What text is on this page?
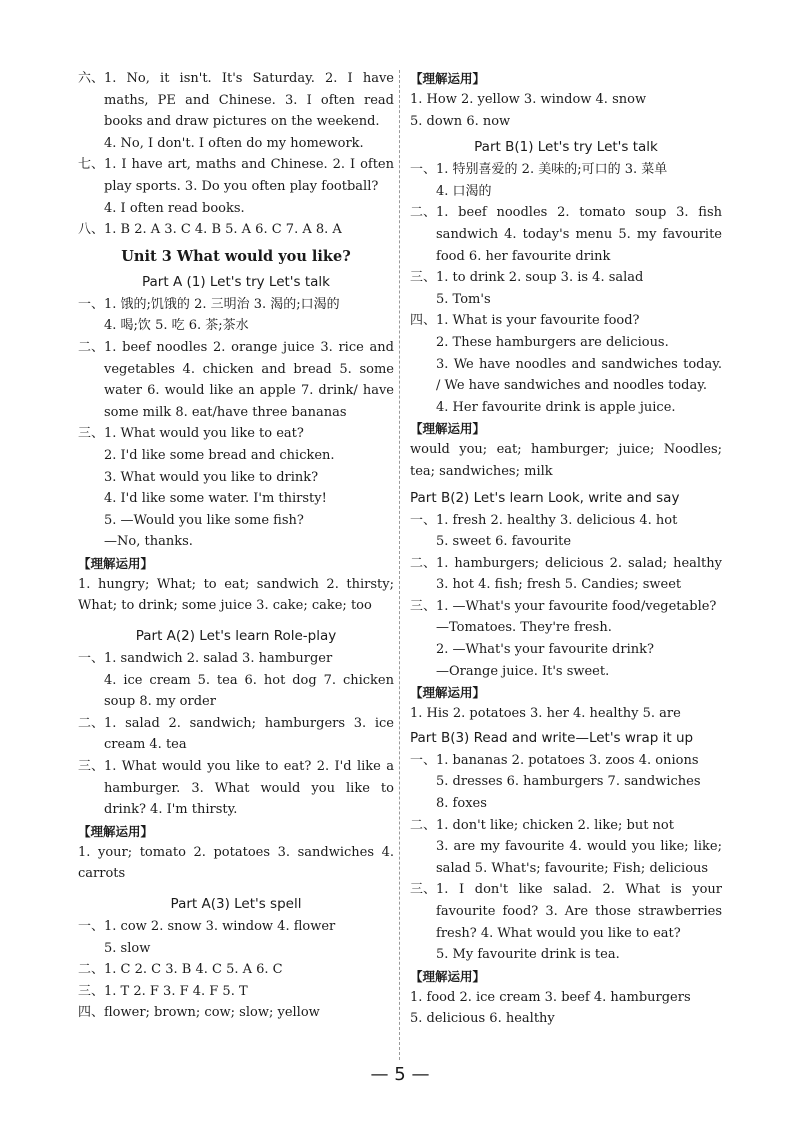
六、 1. No, it isn't. It's Saturday. 2. I have maths, PE and Chinese. 3. I often read books and draw pictures on the weekend.

4. No, I don't. I often do my homework.

七、 1. I have art, maths and Chinese. 2. I often play sports. 3. Do you often play football?

4. I often read books.

八、 1. B 2. A 3. C 4. B 5. A 6. C 7. A 8. A

Unit 3 What would you like?
Part A (1) Let's try Let's talk
一、 1. 饿的;饥饿的 2. 三明治 3. 渴的;口渴的

4. 喝;饮 5. 吃 6. 茶;茶水

二、 1. beef noodles 2. orange juice 3. rice and vegetables 4. chicken and bread 5. some water 6. would like an apple 7. drink/ have some milk 8. eat/have three bananas

三、 1. What would you like to eat?

2. I'd like some bread and chicken.

3. What would you like to drink?

4. I'd like some water. I'm thirsty!

5. —Would you like some fish?

—No, thanks.

【理解运用】

1. hungry; What; to eat; sandwich 2. thirsty; What; to drink; some juice 3. cake; cake; too

Part A(2) Let's learn Role-play
一、 1. sandwich 2. salad 3. hamburger

4. ice cream 5. tea 6. hot dog 7. chicken soup 8. my order

二、 1. salad 2. sandwich; hamburgers 3. ice cream 4. tea

三、 1. What would you like to eat? 2. I'd like a hamburger. 3. What would you like to drink? 4. I'm thirsty.

【理解运用】

1. your; tomato 2. potatoes 3. sandwiches 4. carrots

Part A(3) Let's spell
一、 1. cow 2. snow 3. window 4. flower

5. slow

二、 1. C 2. C 3. B 4. C 5. A 6. C

三、 1. T 2. F 3. F 4. F 5. T

四、 flower; brown; cow; slow; yellow

【理解运用】

1. How 2. yellow 3. window 4. snow

5. down 6. now

Part B(1) Let's try Let's talk
一、 1. 特别喜爱的 2. 美味的;可口的 3. 菜单

4. 口渴的

二、 1. beef noodles 2. tomato soup 3. fish sandwich 4. today's menu 5. my favourite food 6. her favourite drink

三、 1. to drink 2. soup 3. is 4. salad

5. Tom's

四、 1. What is your favourite food?

2. These hamburgers are delicious.

3. We have noodles and sandwiches today. / We have sandwiches and noodles today.

4. Her favourite drink is apple juice.

【理解运用】

would you; eat; hamburger; juice; Noodles; tea; sandwiches; milk

Part B(2) Let's learn Look, write and say
一、 1. fresh 2. healthy 3. delicious 4. hot

5. sweet 6. favourite

二、 1. hamburgers; delicious 2. salad; healthy 3. hot 4. fish; fresh 5. Candies; sweet

三、 1. —What's your favourite food/vegetable?

—Tomatoes. They're fresh.

2. —What's your favourite drink?

—Orange juice. It's sweet.

【理解运用】

1. His 2. potatoes 3. her 4. healthy 5. are

Part B(3) Read and write—Let's wrap it up
一、 1. bananas 2. potatoes 3. zoos 4. onions

5. dresses 6. hamburgers 7. sandwiches

8. foxes

二、 1. don't like; chicken 2. like; but not

3. are my favourite 4. would you like; like; salad 5. What's; favourite; Fish; delicious

三、 1. I don't like salad. 2. What is your favourite food? 3. Are those strawberries fresh? 4. What would you like to eat?

5. My favourite drink is tea.

【理解运用】

1. food 2. ice cream 3. beef 4. hamburgers

5. delicious 6. healthy

— 5 —
